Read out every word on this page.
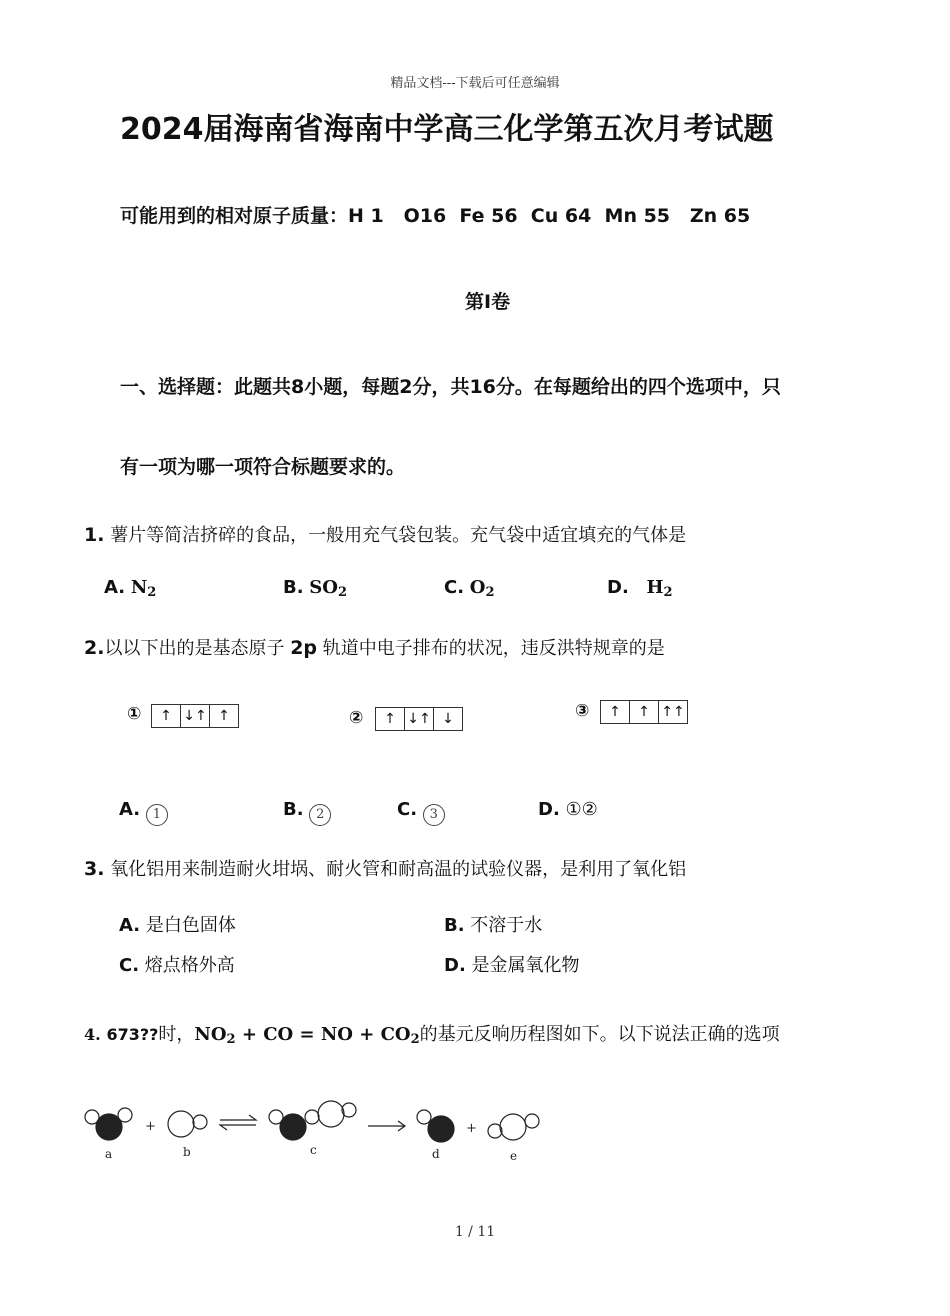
精品文档---下载后可任意编辑
2024届海南省海南中学高三化学第五次月考试题
可能用到的相对原子质量：H 1   O16  Fe 56  Cu 64  Mn 55   Zn 65
第I卷
一、选择题：此题共8小题，每题2分，共16分。在每题给出的四个选项中，只
有一项为哪一项符合标题要求的。
1. 薯片等简洁挤碎的食品，一般用充气袋包装。充气袋中适宜填充的气体是
A. $N_2$	B. $SO_2$	C. $O_2$	D. $H_2$
2.以以下出的是基态原子 2p 轨道中电子排布的状况，违反洪特规章的是
①	↑ ↓↑ ↑	②	↑ ↓↑ ↓	③	↑	↑ ↑↑
A. 1	B. 2	C. 3	D. ①②
3. 氧化铝用来制造耐火坩埚、耐火管和耐高温的试验仪器，是利用了氧化铝
A. 是白色固体	B. 不溶于水
C. 熔点格外高	D. 是金属氧化物
4. 673??时，$NO_2$ + CO = NO + $CO_2$的基元反响历程图如下。以下说法正确的选项
+	+
a	b	c	d	e
1 / 11
